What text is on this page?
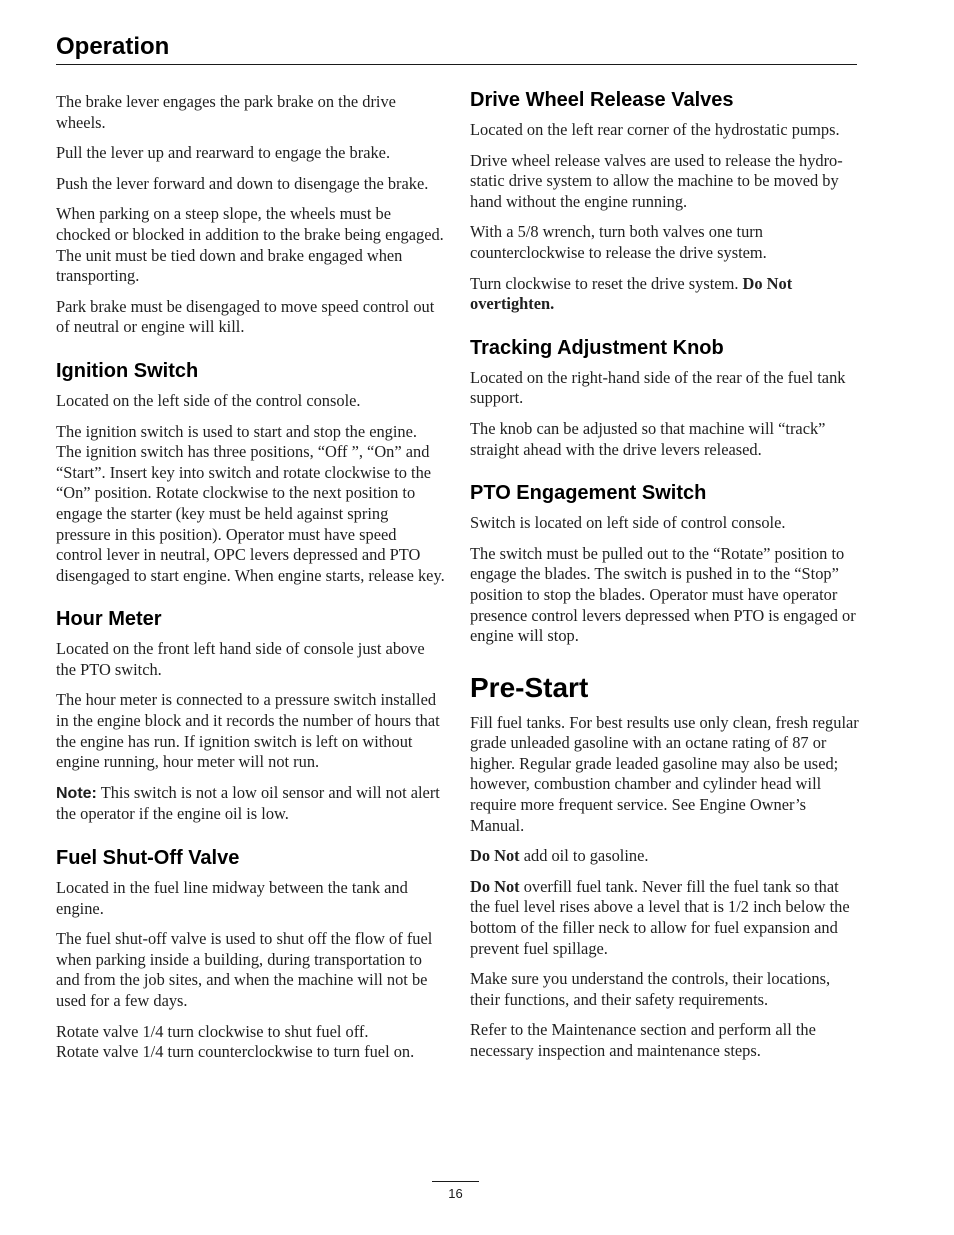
Operation

The brake lever engages the park brake on the drive wheels.

Pull the lever up and rearward to engage the brake.

Push the lever forward and down to disengage the brake.

When parking on a steep slope, the wheels must be chocked or blocked in addition to the brake being engaged. The unit must be tied down and brake engaged when transporting.

Park brake must be disengaged to move speed control out of neutral or engine will kill.

Ignition Switch

Located on the left side of the control console.

The ignition switch is used to start and stop the engine. The ignition switch has three positions, “Off ”, “On” and “Start”. Insert key into switch and rotate clockwise to the “On” position. Rotate clockwise to the next position to engage the starter (key must be held against spring pressure in this position). Operator must have speed control lever in neutral, OPC levers depressed and PTO disengaged to start engine. When engine starts, release key.

Hour Meter

Located on the front left hand side of console just above the PTO switch.

The hour meter is connected to a pressure switch installed in the engine block and it records the number of hours that the engine has run. If ignition switch is left on without engine running, hour meter will not run.

Note: This switch is not a low oil sensor and will not alert the operator if the engine oil is low.

Fuel Shut-Off Valve

Located in the fuel line midway between the tank and engine.

The fuel shut-off valve is used to shut off the flow of fuel when parking inside a building, during transportation to and from the job sites, and when the machine will not be used for a few days.

Rotate valve 1/4 turn clockwise to shut fuel off.
Rotate valve 1/4 turn counterclockwise to turn fuel on.

Drive Wheel Release Valves

Located on the left rear corner of the hydrostatic pumps.

Drive wheel release valves are used to release the hydro-static drive system to allow the machine to be moved by hand without the engine running.

With a 5/8 wrench, turn both valves one turn counterclockwise to release the drive system.

Turn clockwise to reset the drive system. Do Not overtighten.

Tracking Adjustment Knob

Located on the right-hand side of the rear of the fuel tank support.

The knob can be adjusted so that machine will “track” straight ahead with the drive levers released.

PTO Engagement Switch

Switch is located on left side of control console.

The switch must be pulled out to the “Rotate” position to engage the blades. The switch is pushed in to the “Stop” position to stop the blades. Operator must have operator presence control levers depressed when PTO is engaged or engine will stop.

Pre-Start

Fill fuel tanks. For best results use only clean, fresh regular grade unleaded gasoline with an octane rating of 87 or higher. Regular grade leaded gasoline may also be used; however, combustion chamber and cylinder head will require more frequent service. See Engine Owner’s Manual.

Do Not add oil to gasoline.

Do Not overfill fuel tank. Never fill the fuel tank so that the fuel level rises above a level that is 1/2 inch below the bottom of the filler neck to allow for fuel expansion and prevent fuel spillage.

Make sure you understand the controls, their locations, their functions, and their safety requirements.

Refer to the Maintenance section and perform all the necessary inspection and maintenance steps.

16
